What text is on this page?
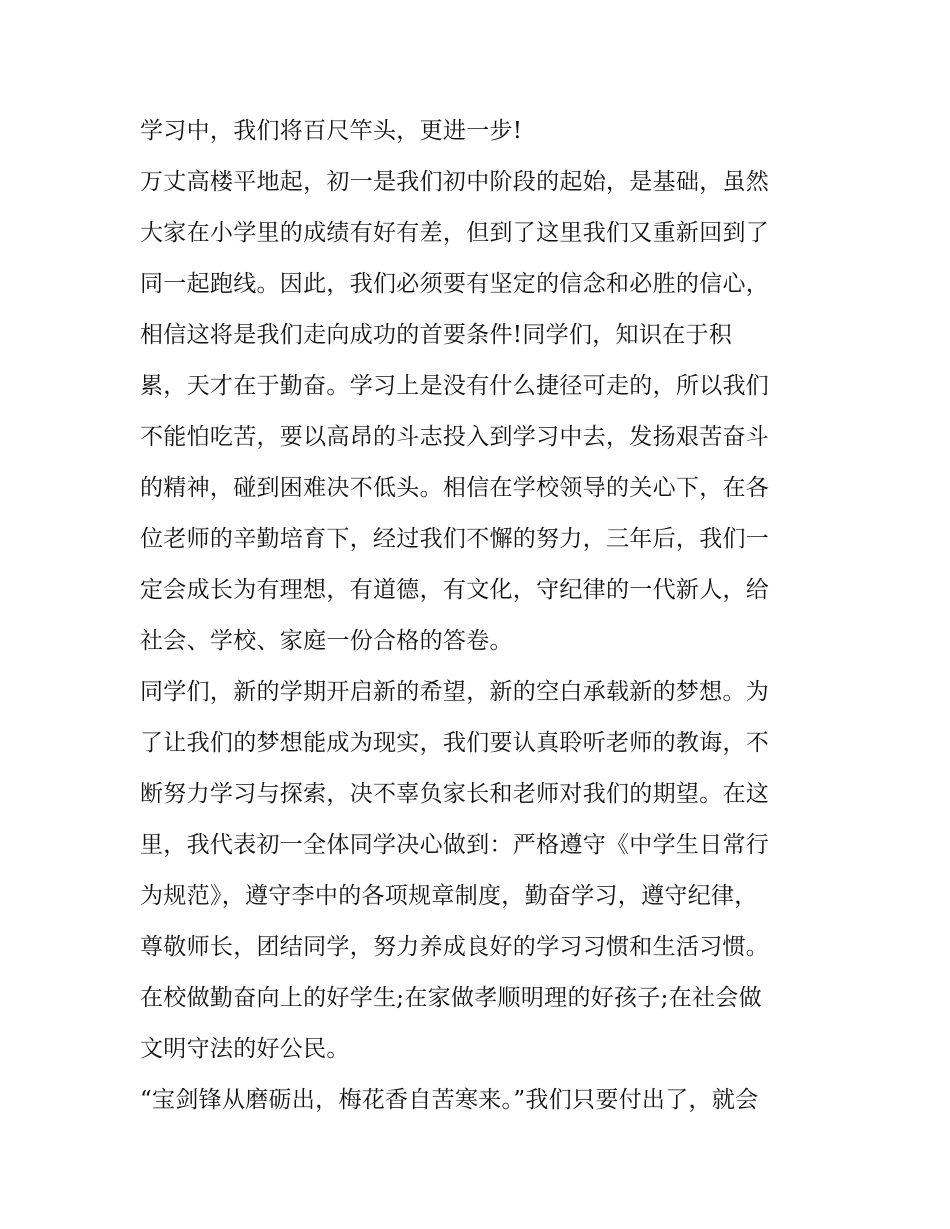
学习中，我们将百尺竿头，更进一步!
万丈高楼平地起，初一是我们初中阶段的起始，是基础，虽然
大家在小学里的成绩有好有差，但到了这里我们又重新回到了
同一起跑线。因此，我们必须要有坚定的信念和必胜的信心，
相信这将是我们走向成功的首要条件!同学们，知识在于积
累，天才在于勤奋。学习上是没有什么捷径可走的，所以我们
不能怕吃苦，要以高昂的斗志投入到学习中去，发扬艰苦奋斗
的精神，碰到困难决不低头。相信在学校领导的关心下，在各
位老师的辛勤培育下，经过我们不懈的努力，三年后，我们一
定会成长为有理想，有道德，有文化，守纪律的一代新人，给
社会、学校、家庭一份合格的答卷。
同学们，新的学期开启新的希望，新的空白承载新的梦想。为
了让我们的梦想能成为现实，我们要认真聆听老师的教诲，不
断努力学习与探索，决不辜负家长和老师对我们的期望。在这
里，我代表初一全体同学决心做到：严格遵守《中学生日常行
为规范》，遵守李中的各项规章制度，勤奋学习，遵守纪律，
尊敬师长，团结同学，努力养成良好的学习习惯和生活习惯。
在校做勤奋向上的好学生;在家做孝顺明理的好孩子;在社会做
文明守法的好公民。
“宝剑锋从磨砺出，梅花香自苦寒来。”我们只要付出了，就会
